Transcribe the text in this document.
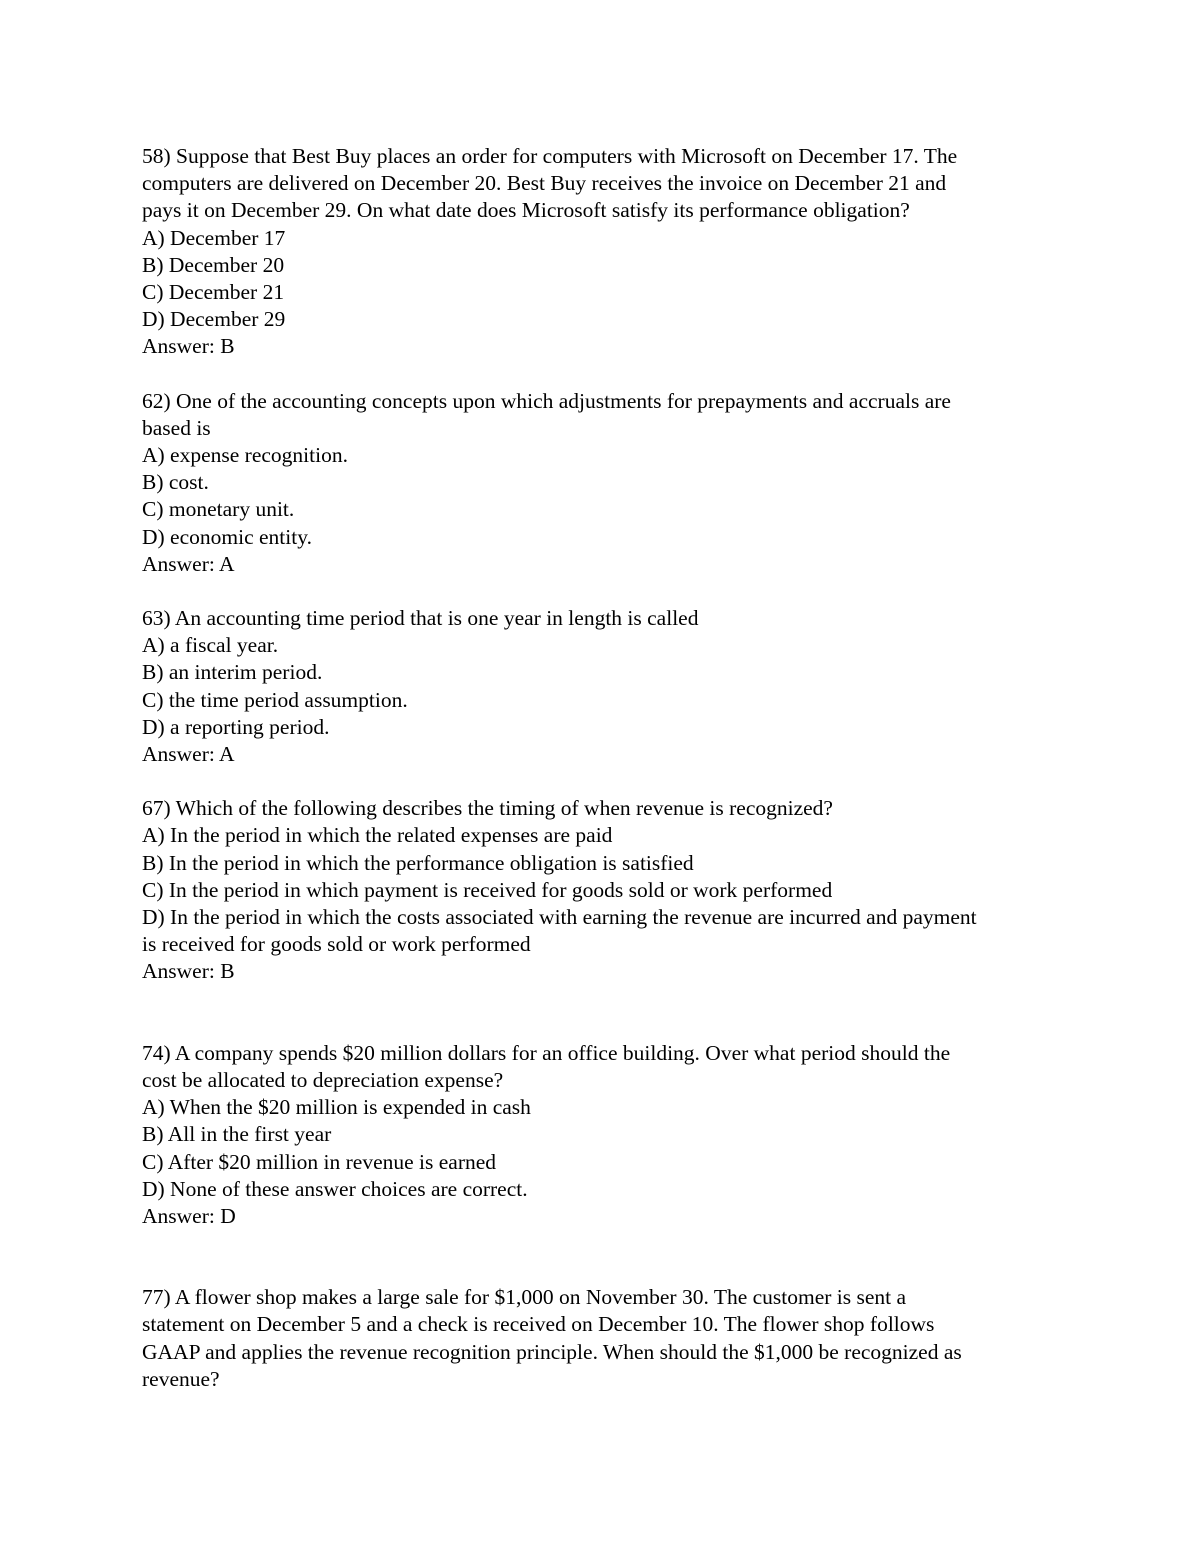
58) Suppose that Best Buy places an order for computers with Microsoft on December 17. The
computers are delivered on December 20. Best Buy receives the invoice on December 21 and
pays it on December 29. On what date does Microsoft satisfy its performance obligation?
A) December 17
B) December 20
C) December 21
D) December 29
Answer: B
62) One of the accounting concepts upon which adjustments for prepayments and accruals are
based is
A) expense recognition.
B) cost.
C) monetary unit.
D) economic entity.
Answer: A
63) An accounting time period that is one year in length is called
A) a fiscal year.
B) an interim period.
C) the time period assumption.
D) a reporting period.
Answer: A
67) Which of the following describes the timing of when revenue is recognized?
A) In the period in which the related expenses are paid
B) In the period in which the performance obligation is satisfied
C) In the period in which payment is received for goods sold or work performed
D) In the period in which the costs associated with earning the revenue are incurred and payment
is received for goods sold or work performed
Answer: B
74) A company spends $20 million dollars for an office building. Over what period should the
cost be allocated to depreciation expense?
A) When the $20 million is expended in cash
B) All in the first year
C) After $20 million in revenue is earned
D) None of these answer choices are correct.
Answer: D
77) A flower shop makes a large sale for $1,000 on November 30. The customer is sent a
statement on December 5 and a check is received on December 10. The flower shop follows
GAAP and applies the revenue recognition principle. When should the $1,000 be recognized as
revenue?
